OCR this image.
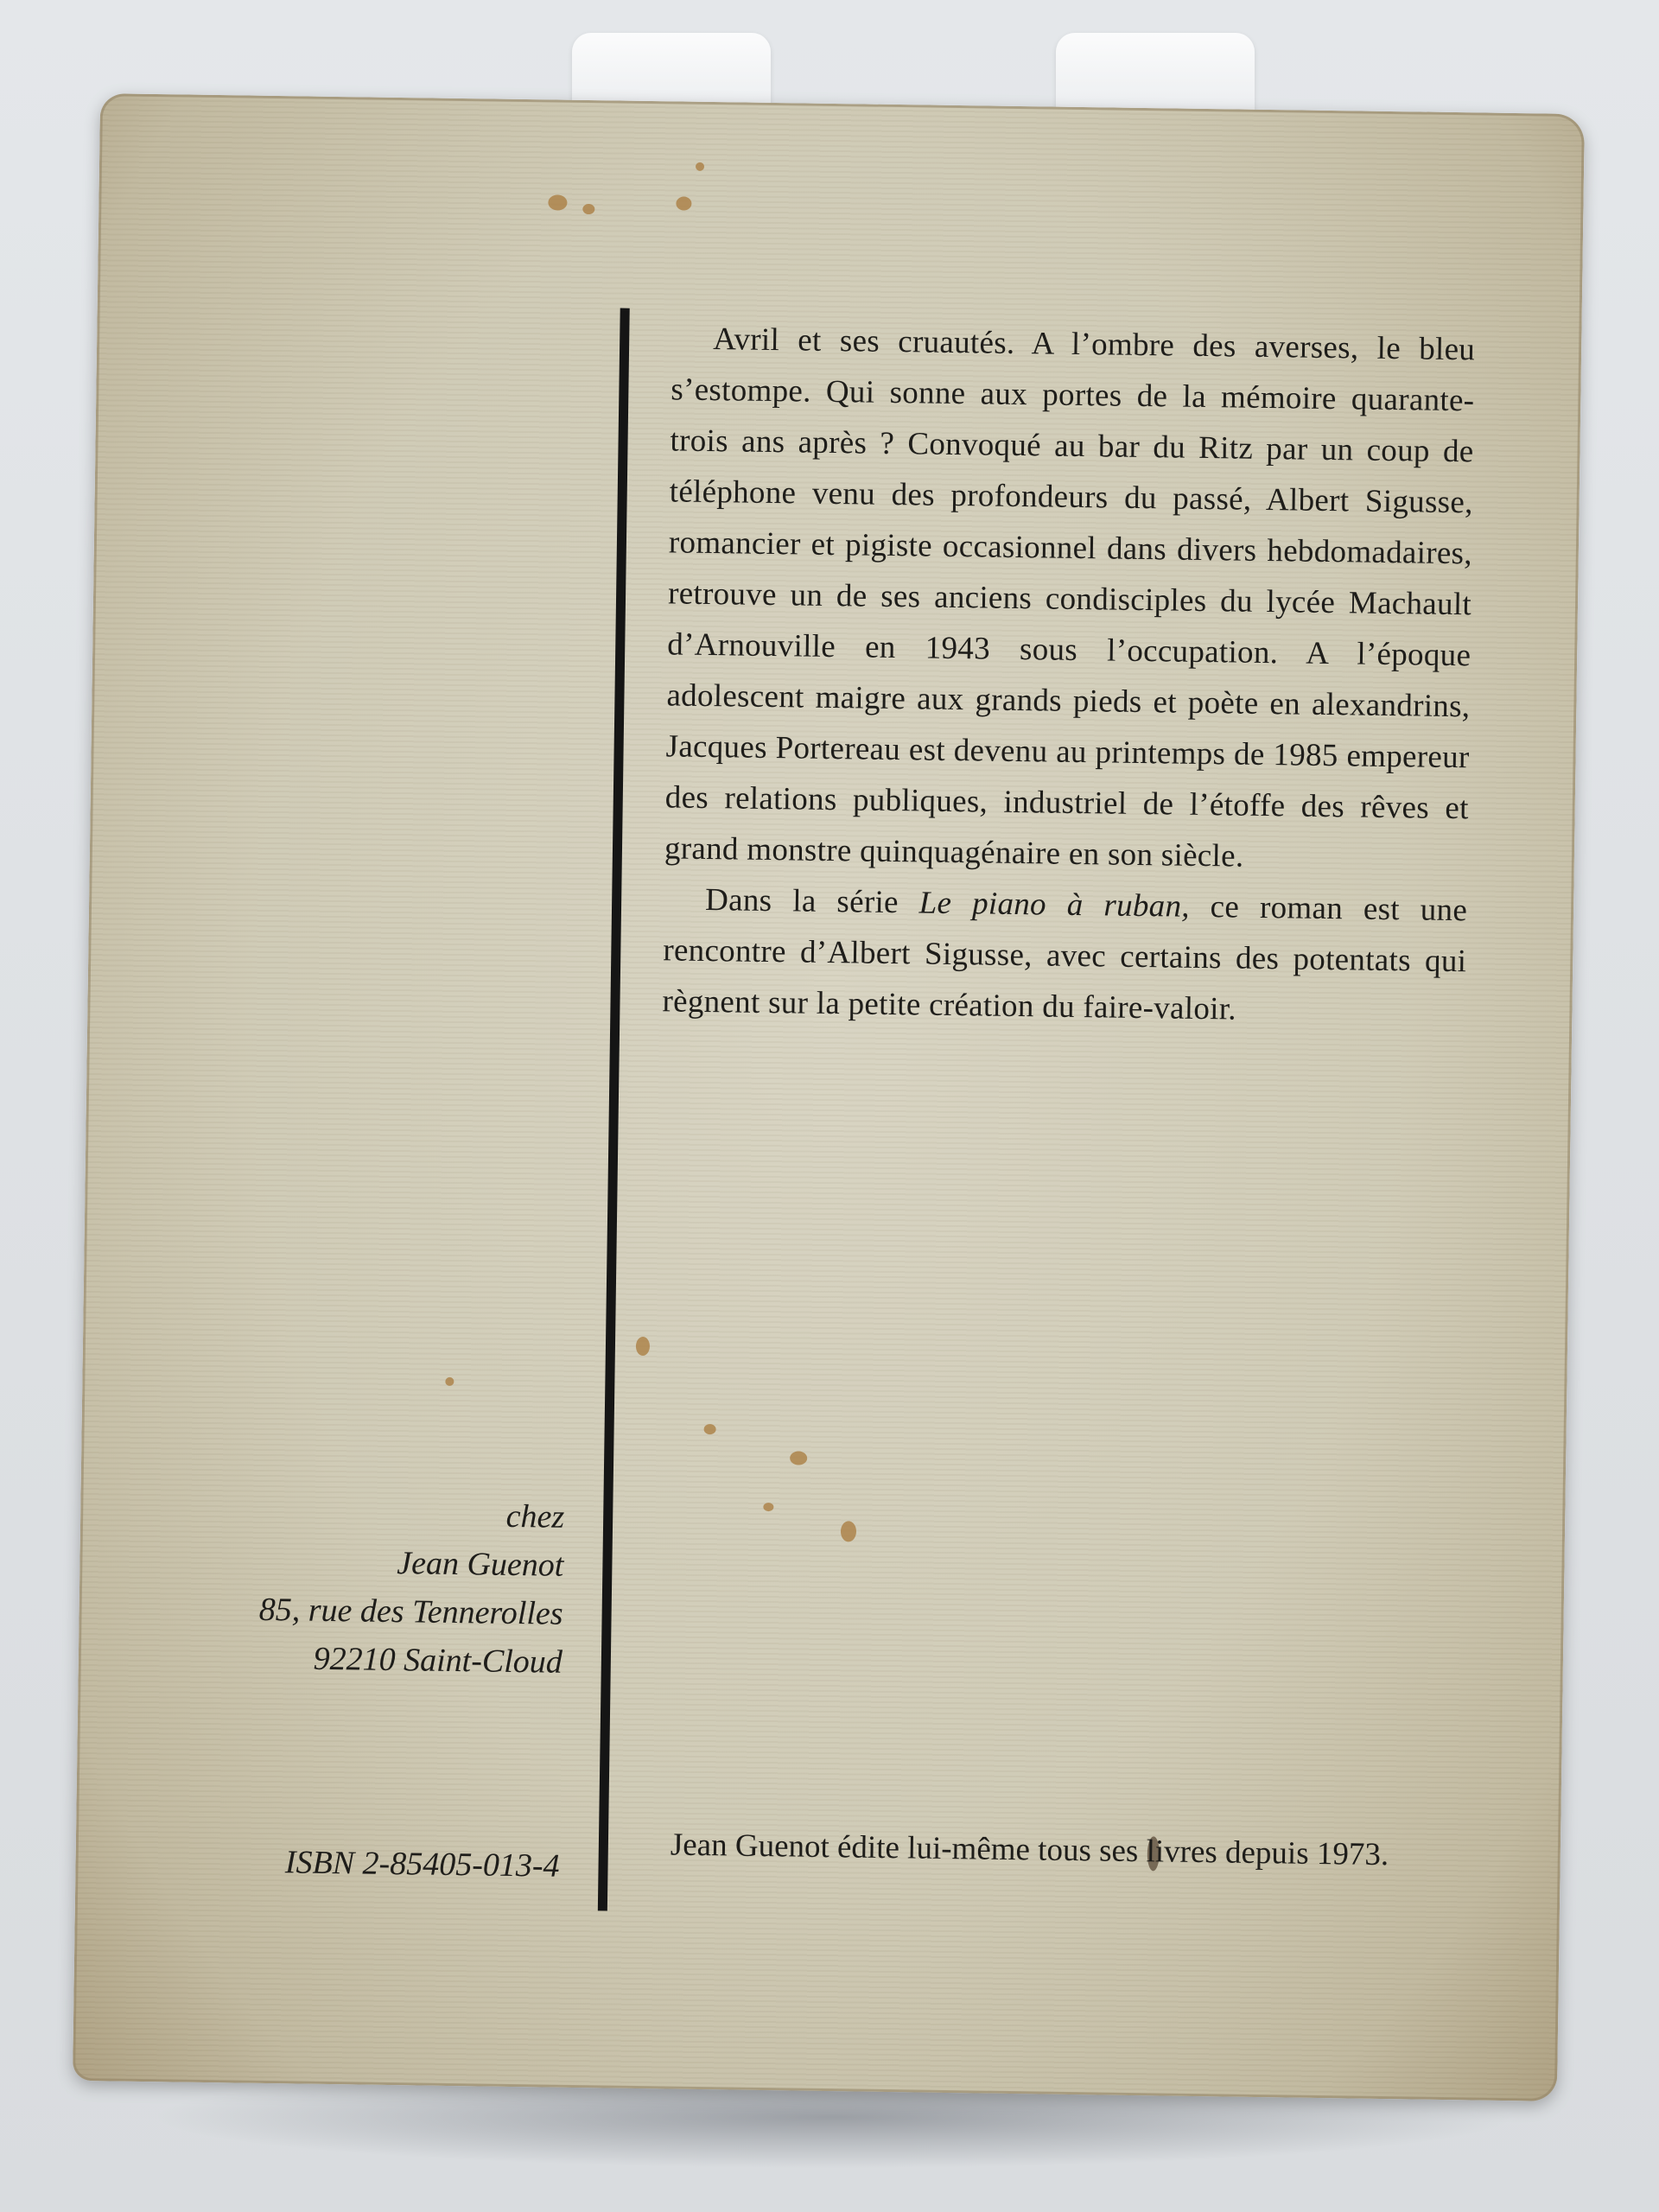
Avril et ses cruautés. A l’ombre des averses, le bleu s’estompe. Qui sonne aux portes de la mémoire quarante-trois ans après ? Convoqué au bar du Ritz par un coup de téléphone venu des profondeurs du passé, Albert Sigusse, romancier et pigiste occasionnel dans divers hebdomadaires, retrouve un de ses anciens condisciples du lycée Machault d’Arnouville en 1943 sous l’occupation. A l’époque adolescent maigre aux grands pieds et poète en alexandrins, Jacques Portereau est devenu au printemps de 1985 empereur des relations publiques, industriel de l’étoffe des rêves et grand monstre quinquagénaire en son siècle.

Dans la série Le piano à ruban, ce roman est une rencontre d’Albert Sigusse, avec certains des potentats qui règnent sur la petite création du faire-valoir.

chez
Jean Guenot
85, rue des Tennerolles
92210 Saint-Cloud
ISBN 2-85405-013-4	Jean Guenot édite lui-même tous ses livres depuis 1973.
